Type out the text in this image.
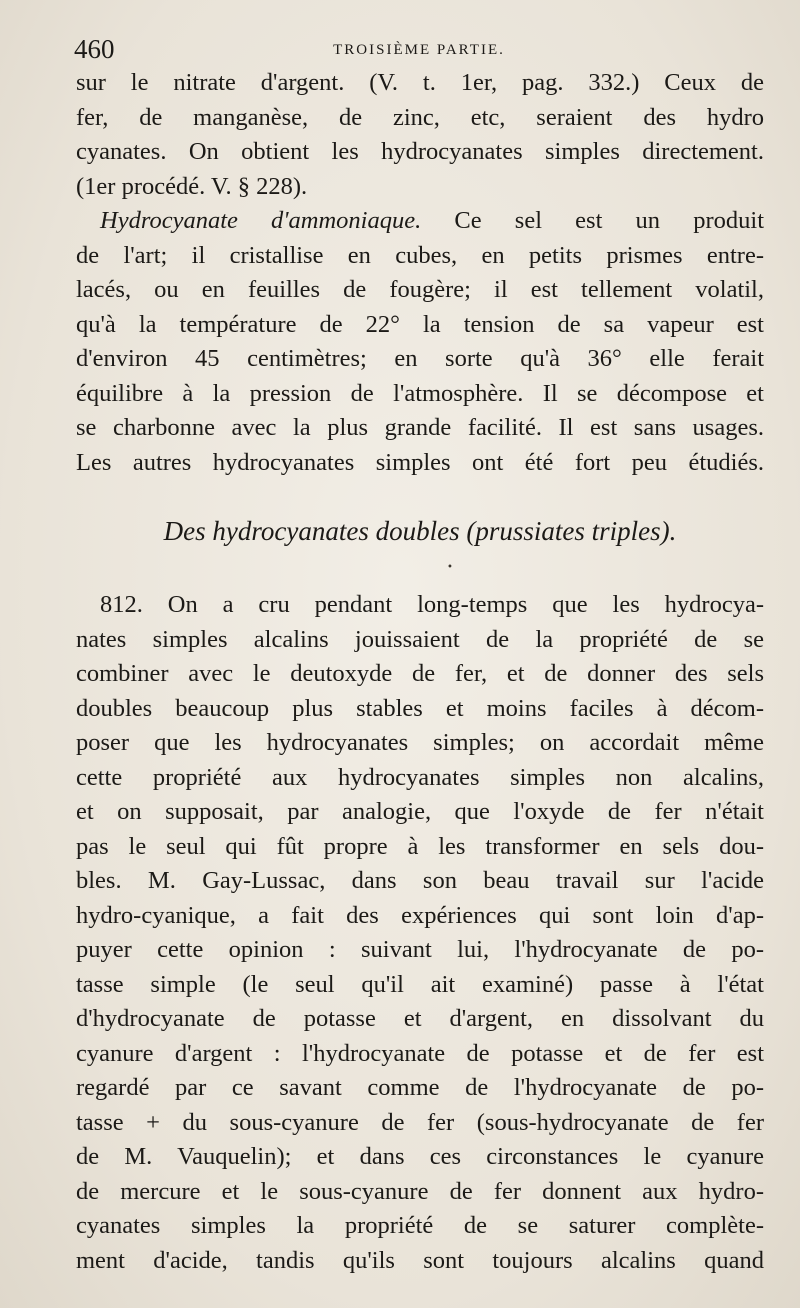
460	TROISIÈME PARTIE.
sur le nitrate d'argent. (V. t. 1er, pag. 332.) Ceux de
fer, de manganèse, de zinc, etc, seraient des hydro
cyanates. On obtient les hydrocyanates simples directement.
(1er procédé. V. § 228).
Hydrocyanate d'ammoniaque. Ce sel est un produit
de l'art; il cristallise en cubes, en petits prismes entre-
lacés, ou en feuilles de fougère; il est tellement volatil,
qu'à la température de 22° la tension de sa vapeur est
d'environ 45 centimètres; en sorte qu'à 36° elle ferait
équilibre à la pression de l'atmosphère. Il se décompose et
se charbonne avec la plus grande facilité. Il est sans usages.
Les autres hydrocyanates simples ont été fort peu étudiés.
Des hydrocyanates doubles (prussiates triples).
•
812. On a cru pendant long-temps que les hydrocya-
nates simples alcalins jouissaient de la propriété de se
combiner avec le deutoxyde de fer, et de donner des sels
doubles beaucoup plus stables et moins faciles à décom-
poser que les hydrocyanates simples; on accordait même
cette propriété aux hydrocyanates simples non alcalins,
et on supposait, par analogie, que l'oxyde de fer n'était
pas le seul qui fût propre à les transformer en sels dou-
bles. M. Gay-Lussac, dans son beau travail sur l'acide
hydro-cyanique, a fait des expériences qui sont loin d'ap-
puyer cette opinion : suivant lui, l'hydrocyanate de po-
tasse simple (le seul qu'il ait examiné) passe à l'état
d'hydrocyanate de potasse et d'argent, en dissolvant du
cyanure d'argent : l'hydrocyanate de potasse et de fer est
regardé par ce savant comme de l'hydrocyanate de po-
tasse + du sous-cyanure de fer (sous-hydrocyanate de fer
de M. Vauquelin); et dans ces circonstances le cyanure
de mercure et le sous-cyanure de fer donnent aux hydro-
cyanates simples la propriété de se saturer complète-
ment d'acide, tandis qu'ils sont toujours alcalins quand
